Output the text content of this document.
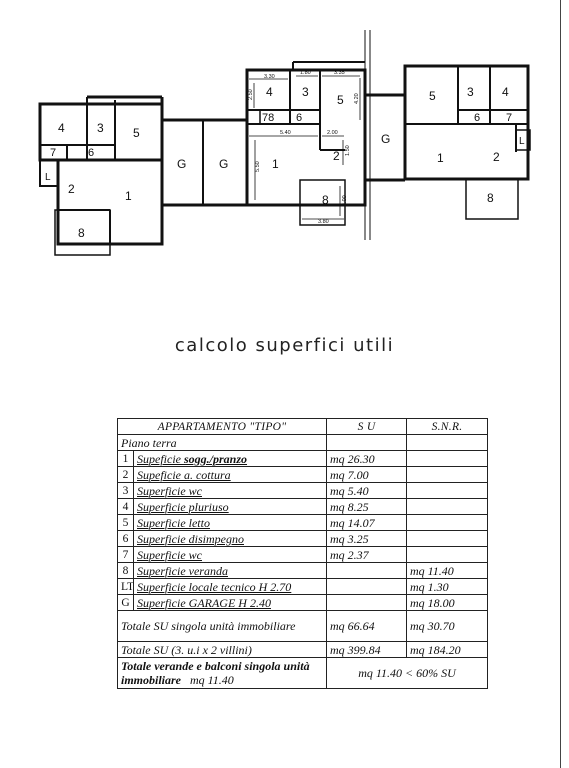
4	3 5
7	6
L
2	1
8
G	G
4 3
5
78 6
1
2
8
G
5	3 4
6 7
L
1	2
8
3.30
2.50
1.80	3.35
4.20
5.40	2.00
1.50
5.50
3.80
2.00
calcolo superfici utili
APPARTAMENTO "TIPO"		S U	S.N.R.
Piano terra			
1	Supeficie sogg./pranzo	mq 26.30	
2	Supeficie a. cottura	mq 7.00	
3	Superficie wc	mq 5.40	
4	Superficie pluriuso	mq 8.25	
5	Superficie letto	mq 14.07	
6	Superficie disimpegno	mq 3.25	
7	Superficie wc	mq 2.37	
8	Superficie veranda		mq 11.40
LT	Superficie locale tecnico H 2.70		mq 1.30
G	Superficie GARAGE H 2.40		mq 18.00
Totale SU singola unità immobiliare		mq 66.64	mq 30.70
Totale SU (3. u.i x 2 villini)		mq 399.84	mq 184.20
Totale verande e balconi singola unità immobiliare mq 11.40		mq 11.40 < 60% SU	
